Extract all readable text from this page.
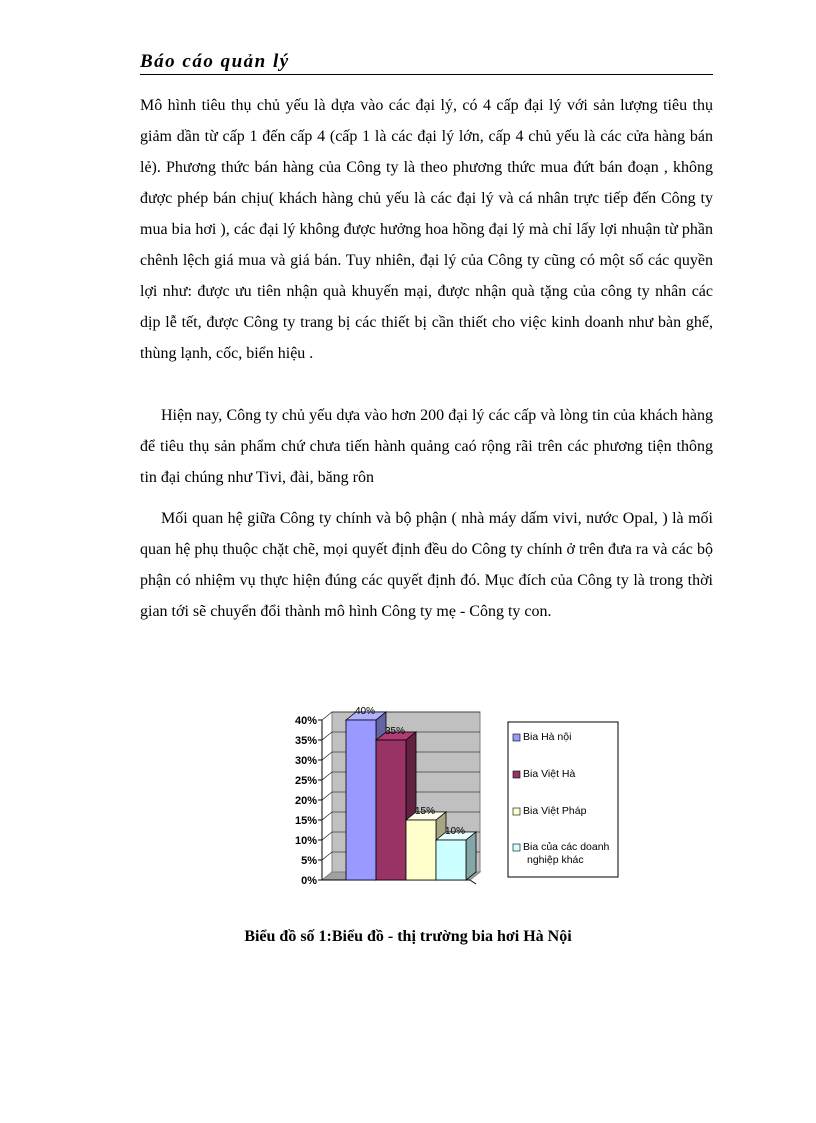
Báo cáo quản lý

Mô hình tiêu thụ chủ yếu là dựa vào các đại lý, có 4 cấp đại lý với sản lượng tiêu thụ giảm dần từ cấp 1 đến cấp 4 (cấp 1 là các đại lý lớn, cấp 4 chủ yếu là các cửa hàng bán lẻ). Phương thức bán hàng của Công ty là theo phương thức mua đứt bán đoạn , không được phép bán chịu( khách hàng chủ yếu là các đại lý và cá nhân trực tiếp đến Công ty mua bia hơi ), các đại lý không được hưởng hoa hồng đại lý mà chỉ lấy lợi nhuận từ phần chênh lệch giá mua và giá bán. Tuy nhiên, đại lý của Công ty cũng có một số các quyền lợi như: được ưu tiên nhận quà khuyến mại, được nhận quà tặng của công ty nhân các dịp lễ tết, được Công ty trang bị các thiết bị cần thiết cho việc kinh doanh như bàn ghế, thùng lạnh, cốc, biển hiệu .

Hiện nay, Công ty chủ yếu dựa vào hơn 200 đại lý các cấp và lòng tin của khách hàng để tiêu thụ sản phẩm chứ chưa tiến hành quảng caó rộng rãi trên các phương tiện thông tin đại chúng như Tivi, đài, băng rôn

Mối quan hệ giữa Công ty chính và bộ phận ( nhà máy dấm vivi, nước Opal, ) là mối quan hệ phụ thuộc chặt chẽ, mọi quyết định đều do Công ty chính ở trên đưa ra và các bộ phận có nhiệm vụ thực hiện đúng các quyết định đó. Mục đích của Công ty là trong thời gian tới sẽ chuyển đổi thành mô hình Công ty mẹ - Công ty con.

0%
5%
10%
15%
20%
25%
30%
35%
40%
40%
35%
15%
10%
Bia Hà nội
Bia Việt Hà
Bia Việt Pháp
Bia của các doanh nghiệp khác
Biểu đồ số 1:Biểu đồ - thị trường bia hơi Hà Nội
